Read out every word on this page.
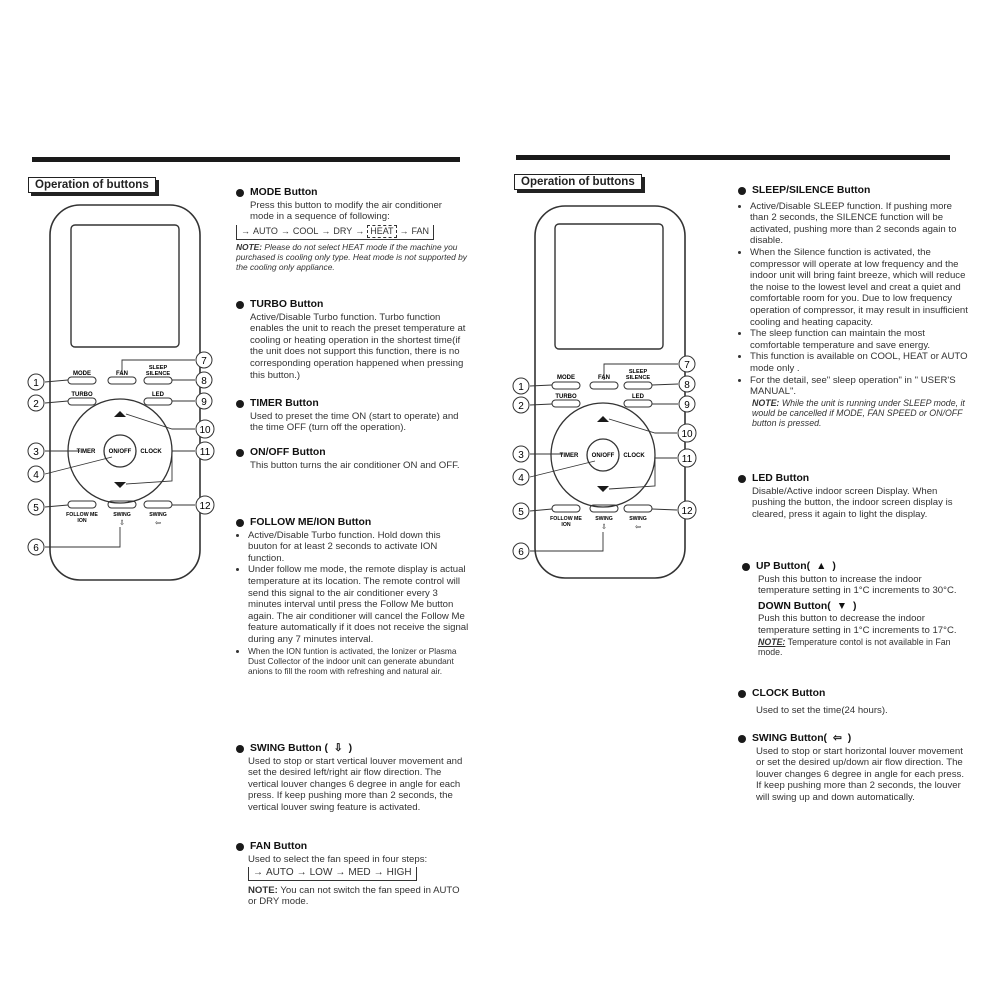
Operation of buttons	Operation of buttons
MODE	FAN
SLEEP
SILENCE
TURBO	LED
ON/OFF
TIMER	CLOCK
FOLLOW ME
ION
SWING
⇩
SWING
⇦
1
2
3
4
5
6
7
8
9
10
11
12
MODE	FAN
SLEEP
SILENCE
TURBO	LED
ON/OFF
TIMER	CLOCK
FOLLOW ME
ION
SWING
⇩
SWING
⇦
1
2
3
4
5
6
7
8
9
10
11
12
MODE Button

Press this button to modify the air conditioner mode in a sequence of following:

→ AUTO → COOL → DRY → HEAT → FAN

NOTE: Please do not select HEAT mode if the machine you purchased is cooling only type. Heat mode is not supported by the cooling only appliance.

TURBO Button

Active/Disable Turbo function. Turbo function enables the unit to reach the preset temperature at cooling or heating operation in the shortest time(if the unit does not support this function, there is no corresponding operation happened when pressing this button.)

TIMER Button

Used to preset the time ON (start to operate) and the time OFF (turn off the operation).

ON/OFF Button

This button turns the air conditioner ON and OFF.

FOLLOW ME/ION Button
• Active/Disable Turbo function. Hold down this buuton for at least 2 seconds to activate ION function.
• Under follow me mode, the remote display is actual temperature at its location. The remote control will send this signal to the air conditioner every 3 minutes interval until press the Follow Me button again. The air conditioner will cancel the Follow Me feature automatically if it does not receive the signal during any 7 minutes interval.
• When the ION funtion is activated, the Ionizer or Plasma Dust Collector of the indoor unit can generate abundant anions to fill the room with refreshing and natural air.
SWING Button ( ⇩ )

Used to stop or start vertical louver movement and set the desired left/right air flow direction. The vertical louver changes 6 degree in angle for each press. If keep pushing more than 2 seconds, the vertical louver swing feature is activated.

FAN Button

Used to select the fan speed in four steps:

→ AUTO → LOW → MED → HIGH

NOTE: You can not switch the fan speed in AUTO or DRY mode.

SLEEP/SILENCE Button
• Active/Disable SLEEP function. If pushing more than 2 seconds, the SILENCE function will be activated, pushing more than 2 seconds again to disable.
• When the Silence function is activated, the compressor will operate at low frequency and the indoor unit will bring faint breeze, which will reduce the noise to the lowest level and creat a quiet and comfortable room for you. Due to low frequency operation of compressor, it may result in insufficient cooling and heating capacity.
• The sleep function can maintain the most comfortable temperature and save energy.
• This function is available on COOL, HEAT or AUTO mode only .
• For the detail, see" sleep operation" in " USER'S MANUAL".

NOTE: While the unit is running under SLEEP mode, it would be cancelled if MODE, FAN SPEED or ON/OFF button is pressed.

LED Button

Disable/Active indoor screen Display. When pushing the button, the indoor screen display is cleared, press it again to light the display.

UP Button( ▲ )

Push this button to increase the indoor temperature setting in 1°C increments to 30°C.

DOWN Button( ▼ )

Push this button to decrease the indoor temperature setting in 1°C increments to 17°C.

NOTE: Temperature contol is not available in Fan mode.

CLOCK Button

Used to set the time(24 hours).

SWING Button( ⇦ )

Used to stop or start horizontal louver movement or set the desired up/down air flow direction. The louver changes 6 degree in angle for each press. If keep pushing more than 2 seconds, the louver will swing up and down automatically.
